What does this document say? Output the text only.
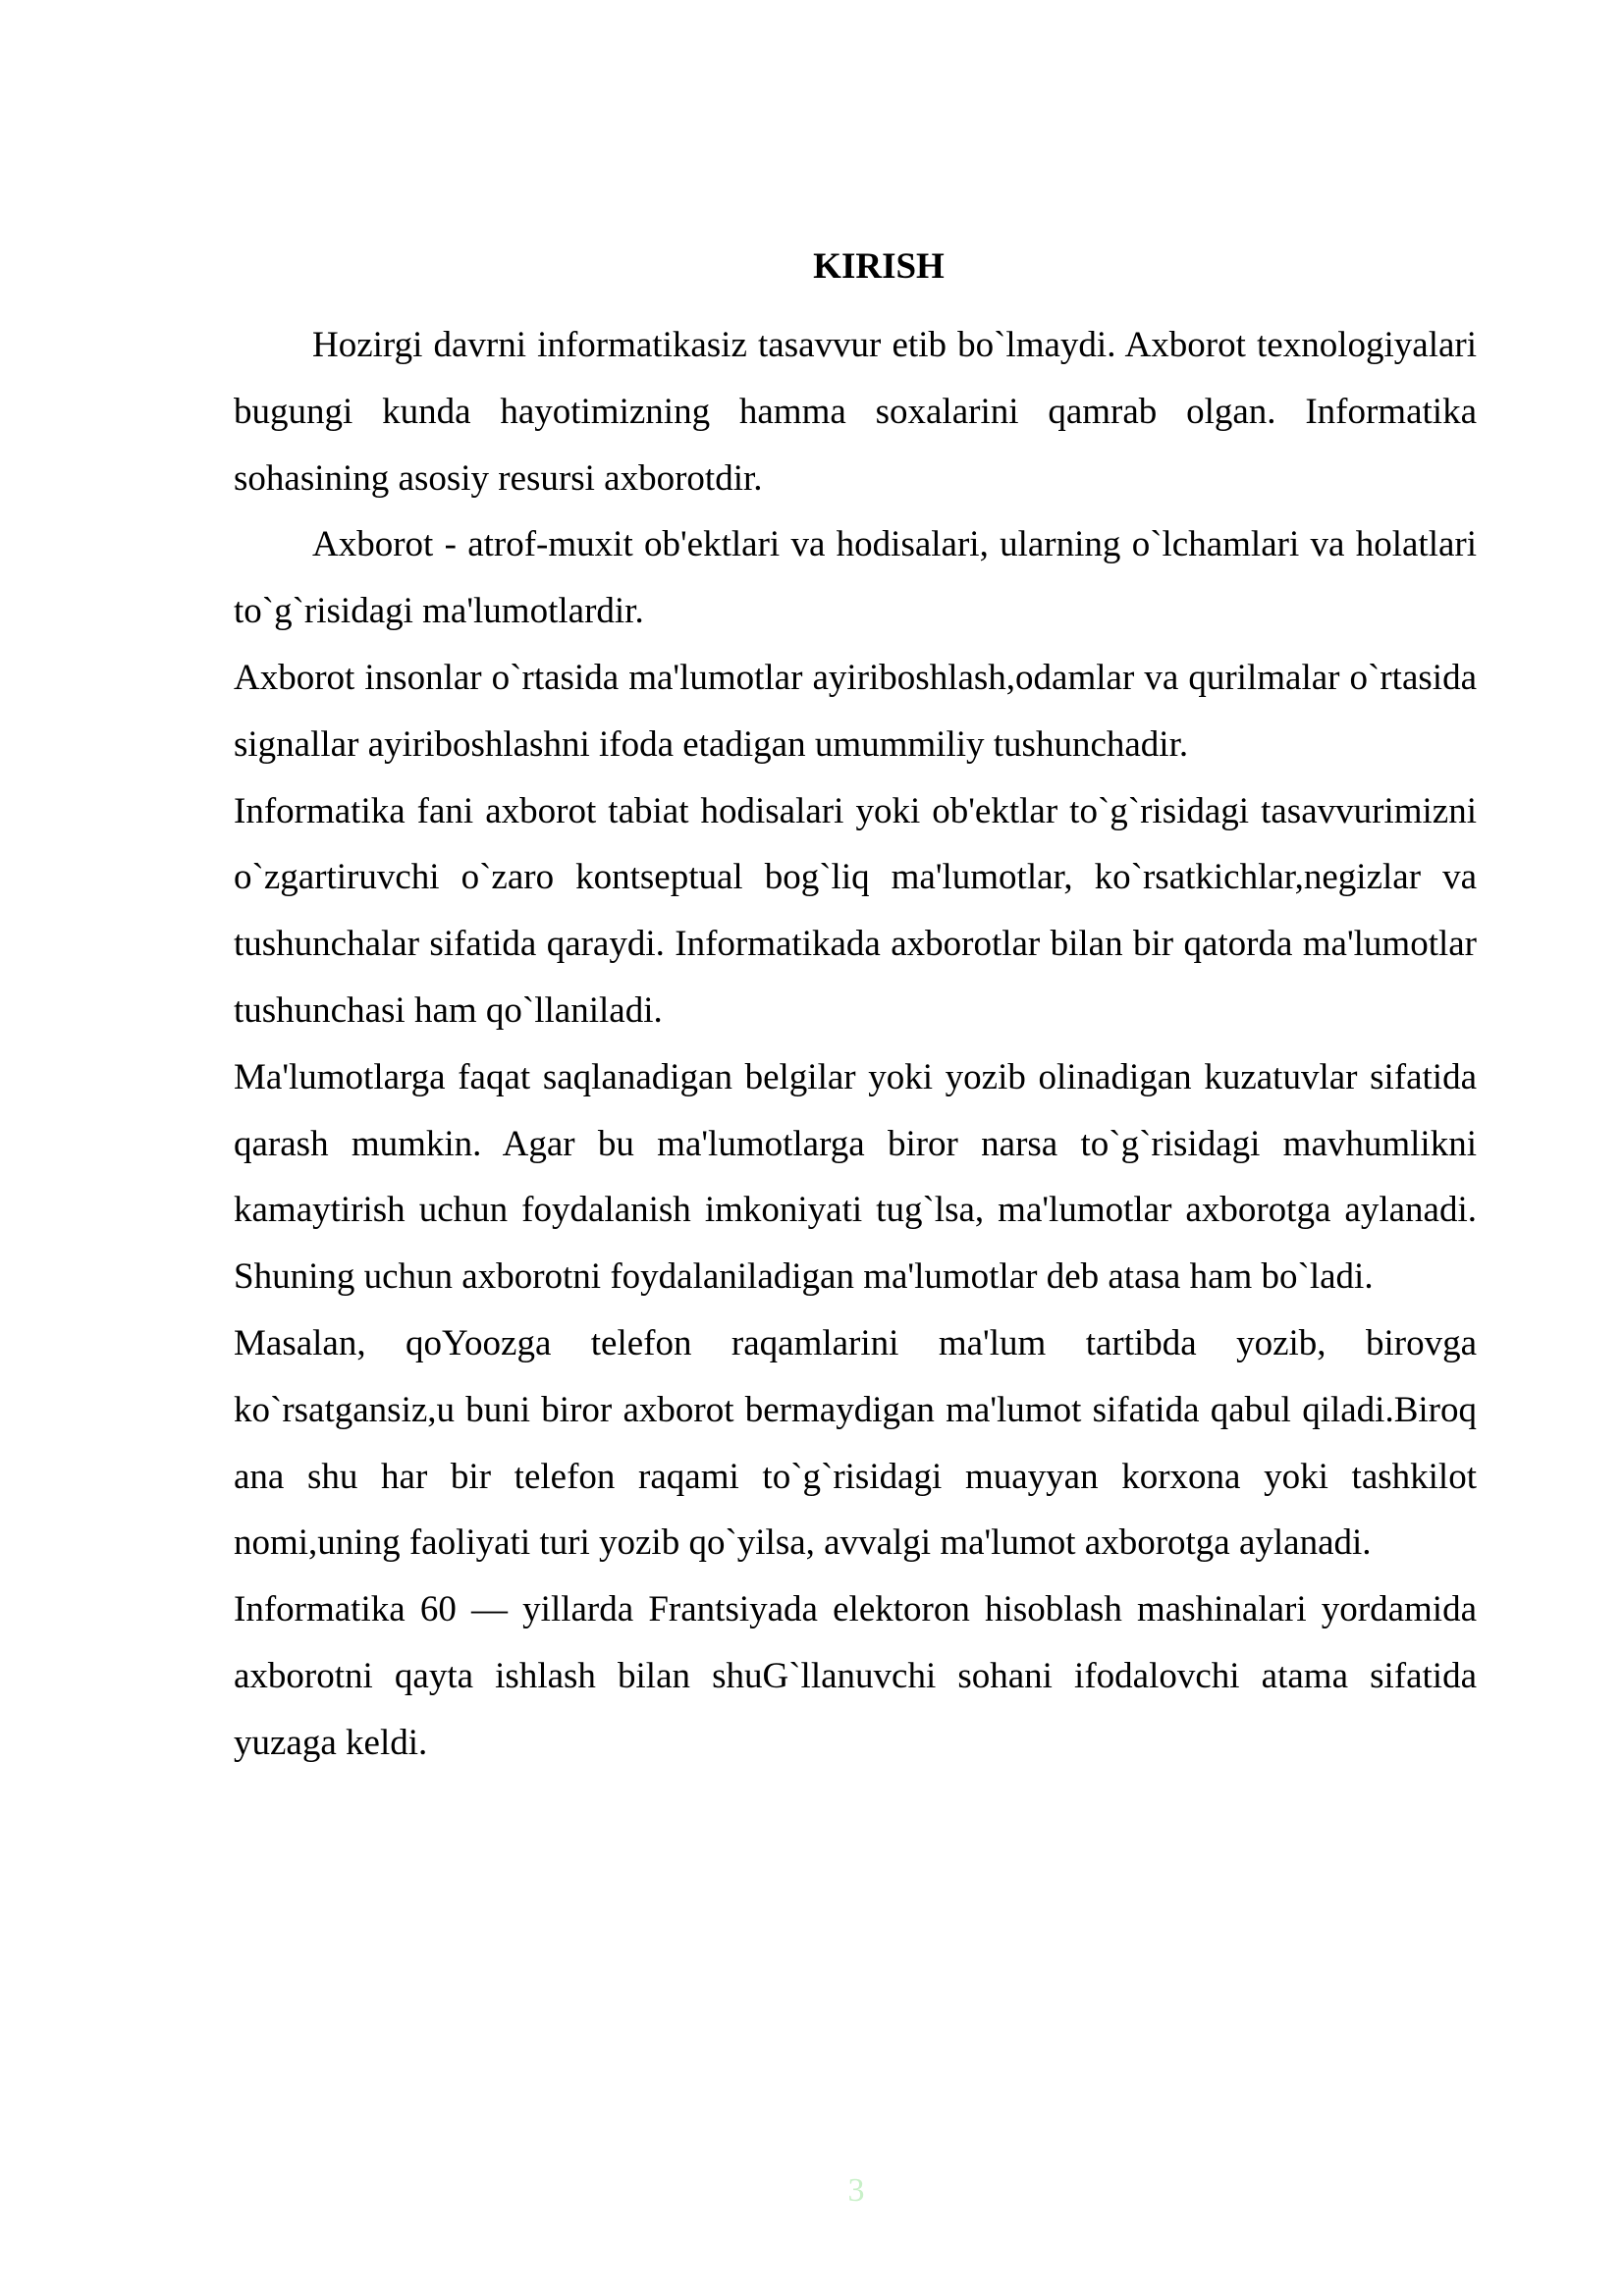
KIRISH

Hozirgi davrni informatikasiz tasavvur etib bo`lmaydi. Axborot texnologiyalari bugungi kunda hayotimizning hamma soxalarini qamrab olgan. Informatika sohasining asosiy resursi axborotdir.

Axborot - atrof-muxit ob'ektlari va hodisalari, ularning o`lchamlari va holatlari to`g`risidagi ma'lumotlardir.

Axborot insonlar o`rtasida ma'lumotlar ayiriboshlash,odamlar va qurilmalar o`rtasida signallar ayiriboshlashni ifoda etadigan umummiliy tushunchadir.

Informatika fani axborot tabiat hodisalari yoki ob'ektlar to`g`risidagi tasavvurimizni o`zgartiruvchi o`zaro kontseptual bog`liq ma'lumotlar, ko`rsatkichlar,negizlar va tushunchalar sifatida qaraydi. Informatikada axborotlar bilan bir qatorda ma'lumotlar tushunchasi ham qo`llaniladi.

Ma'lumotlarga faqat saqlanadigan belgilar yoki yozib olinadigan kuzatuvlar sifatida qarash mumkin. Agar bu ma'lumotlarga biror narsa to`g`risidagi mavhumlikni kamaytirish uchun foydalanish imkoniyati tug`lsa, ma'lumotlar axborotga aylanadi. Shuning uchun axborotni foydalaniladigan ma'lumotlar deb atasa ham bo`ladi.

Masalan, qoYoozga telefon raqamlarini ma'lum tartibda yozib, birovga ko`rsatgansiz,u buni biror axborot bermaydigan ma'lumot sifatida qabul qiladi.Biroq ana shu har bir telefon raqami to`g`risidagi muayyan korxona yoki tashkilot nomi,uning faoliyati turi yozib qo`yilsa, avvalgi ma'lumot axborotga aylanadi.

Informatika 60 — yillarda Frantsiyada elektoron hisoblash mashinalari yordamida axborotni qayta ishlash bilan shuG`llanuvchi sohani ifodalovchi atama sifatida yuzaga keldi.

3
